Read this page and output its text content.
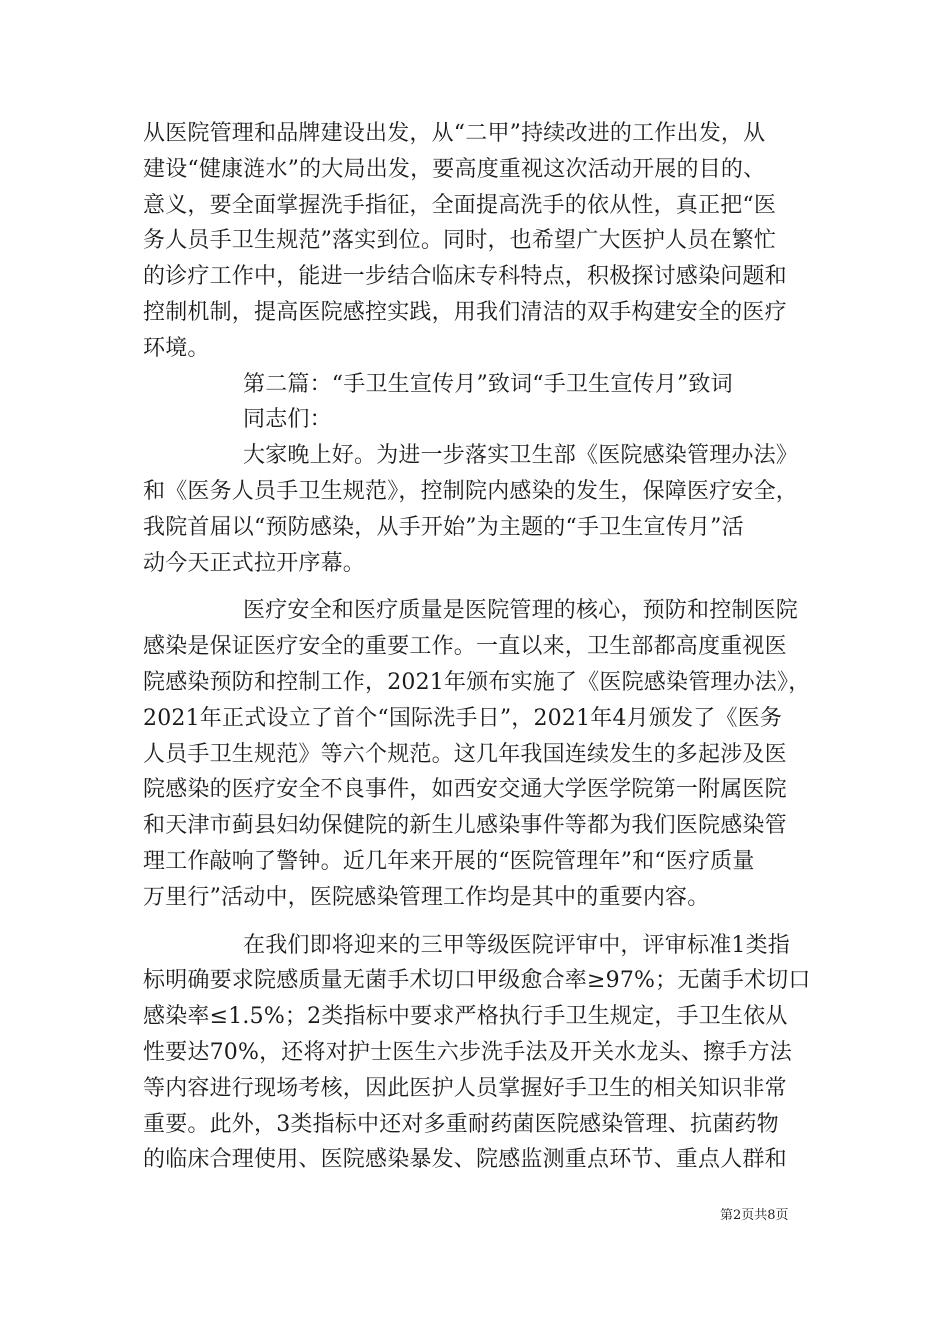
从医院管理和品牌建设出发，从“二甲”持续改进的工作出发，从
建设“健康涟水”的大局出发，要高度重视这次活动开展的目的、
意义，要全面掌握洗手指征，全面提高洗手的依从性，真正把“医
务人员手卫生规范”落实到位。同时，也希望广大医护人员在繁忙
的诊疗工作中，能进一步结合临床专科特点，积极探讨感染问题和
控制机制，提高医院感控实践，用我们清洁的双手构建安全的医疗
环境。
第二篇：“手卫生宣传月”致词“手卫生宣传月”致词
同志们：
大家晚上好。为进一步落实卫生部《医院感染管理办法》
和《医务人员手卫生规范》，控制院内感染的发生，保障医疗安全，
我院首届以“预防感染，从手开始”为主题的“手卫生宣传月”活
动今天正式拉开序幕。
医疗安全和医疗质量是医院管理的核心，预防和控制医院
感染是保证医疗安全的重要工作。一直以来，卫生部都高度重视医
院感染预防和控制工作，2021年颁布实施了《医院感染管理办法》，
2021年正式设立了首个“国际洗手日”，2021年4月颁发了《医务
人员手卫生规范》等六个规范。这几年我国连续发生的多起涉及医
院感染的医疗安全不良事件，如西安交通大学医学院第一附属医院
和天津市蓟县妇幼保健院的新生儿感染事件等都为我们医院感染管
理工作敲响了警钟。近几年来开展的“医院管理年”和“医疗质量
万里行”活动中，医院感染管理工作均是其中的重要内容。
在我们即将迎来的三甲等级医院评审中，评审标准1类指
标明确要求院感质量无菌手术切口甲级愈合率≥97%；无菌手术切口
感染率≤1.5%；2类指标中要求严格执行手卫生规定，手卫生依从
性要达70%，还将对护士医生六步洗手法及开关水龙头、擦手方法
等内容进行现场考核，因此医护人员掌握好手卫生的相关知识非常
重要。此外，3类指标中还对多重耐药菌医院感染管理、抗菌药物
的临床合理使用、医院感染暴发、院感监测重点环节、重点人群和
第2页共8页
